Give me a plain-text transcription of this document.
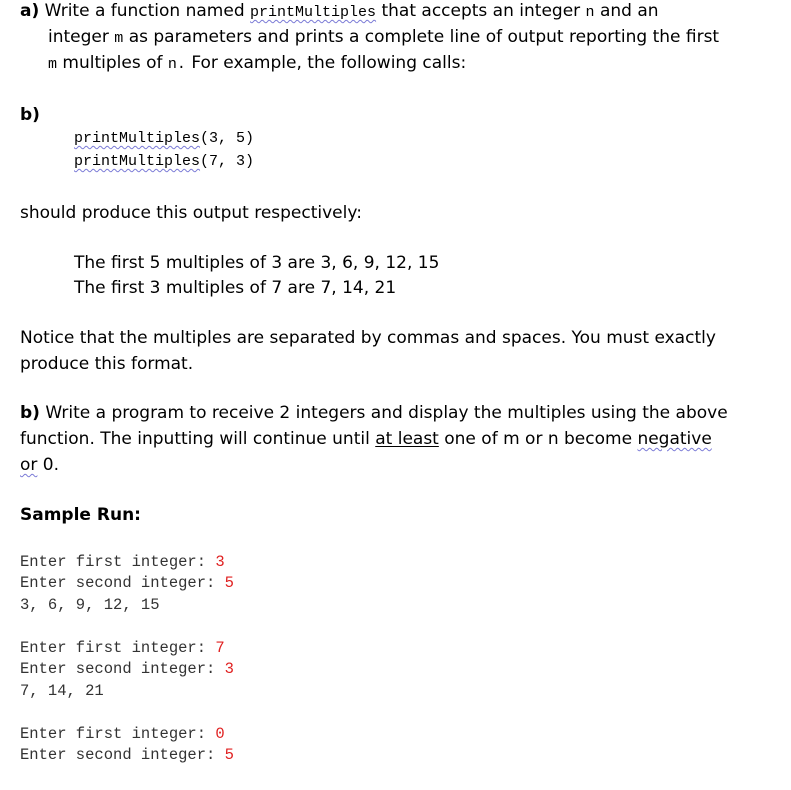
a) Write a function named printMultiples that accepts an integer n and an
integer m as parameters and prints a complete line of output reporting the first
m multiples of n. For example, the following calls:
b)
printMultiples(3, 5)
printMultiples(7, 3)
should produce this output respectively:
The first 5 multiples of 3 are 3, 6, 9, 12, 15
The first 3 multiples of 7 are 7, 14, 21
Notice that the multiples are separated by commas and spaces. You must exactly
produce this format.
b) Write a program to receive 2 integers and display the multiples using the above
function. The inputting will continue until at least one of m or n become negative
or 0.
Sample Run:
Enter first integer: 3
Enter second integer: 5
3, 6, 9, 12, 15
Enter first integer: 7
Enter second integer: 3
7, 14, 21
Enter first integer: 0
Enter second integer: 5
